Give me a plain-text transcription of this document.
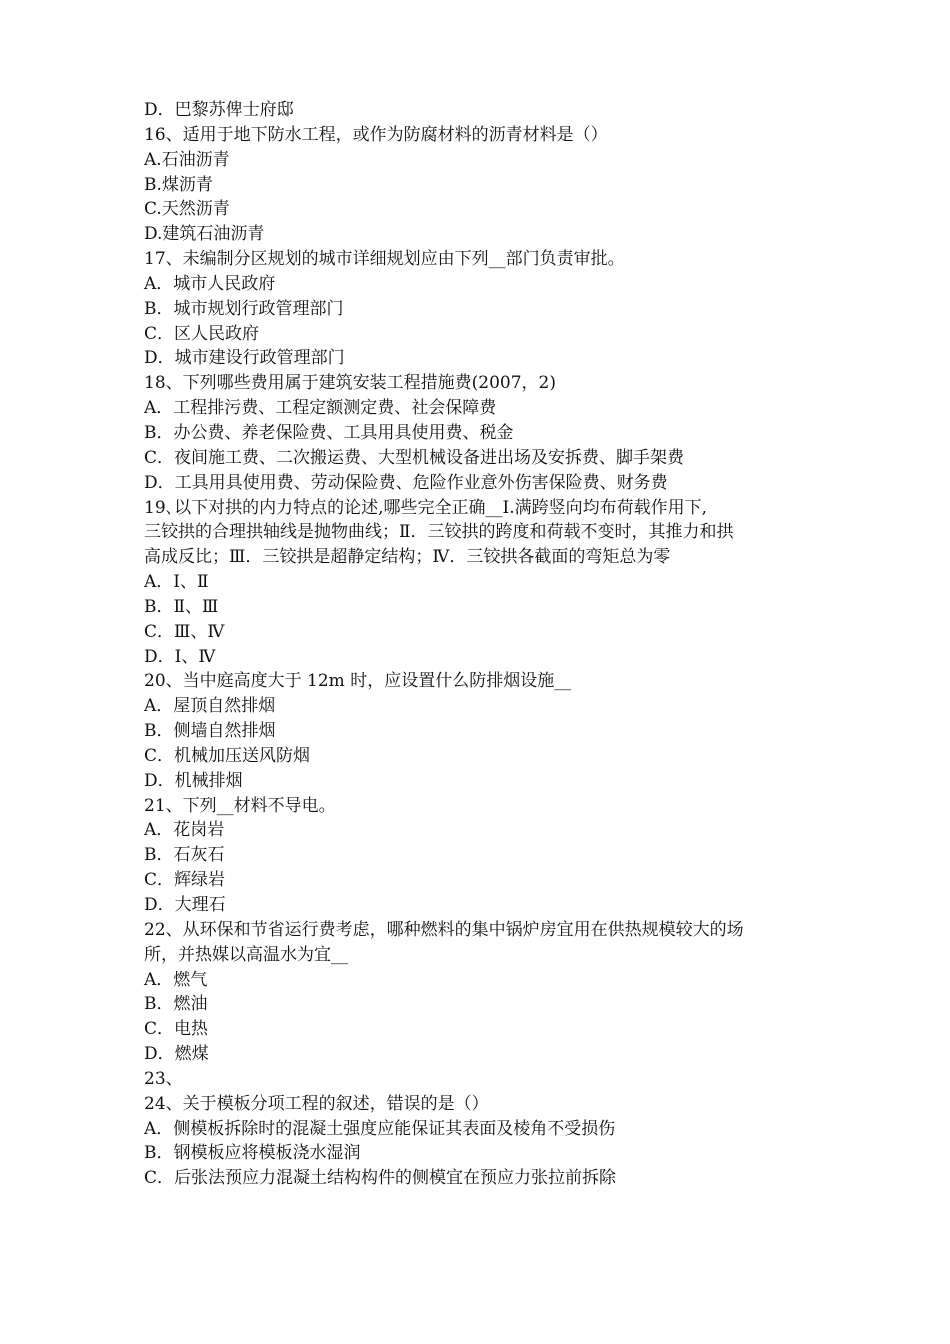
D．巴黎苏俾士府邸
16、适用于地下防水工程，或作为防腐材料的沥青材料是（）
A.石油沥青
B.煤沥青
C.天然沥青
D.建筑石油沥青
17、未编制分区规划的城市详细规划应由下列__部门负责审批。
A．城市人民政府
B．城市规划行政管理部门
C．区人民政府
D．城市建设行政管理部门
18、下列哪些费用属于建筑安装工程措施费(2007，2)
A．工程排污费、工程定额测定费、社会保障费
B．办公费、养老保险费、工具用具使用费、税金
C．夜间施工费、二次搬运费、大型机械设备进出场及安拆费、脚手架费
D．工具用具使用费、劳动保险费、危险作业意外伤害保险费、财务费
19､以下对拱的内力特点的论述,哪些完全正确__Ⅰ.满跨竖向均布荷载作用下,
三铰拱的合理拱轴线是抛物曲线；Ⅱ．三铰拱的跨度和荷载不变时，其推力和拱
高成反比；Ⅲ．三铰拱是超静定结构；Ⅳ．三铰拱各截面的弯矩总为零
A．Ⅰ、Ⅱ
B．Ⅱ、Ⅲ
C．Ⅲ、Ⅳ
D．Ⅰ、Ⅳ
20、当中庭高度大于 12m 时，应设置什么防排烟设施__
A．屋顶自然排烟
B．侧墙自然排烟
C．机械加压送风防烟
D．机械排烟
21、下列__材料不导电。
A．花岗岩
B．石灰石
C．辉绿岩
D．大理石
22、从环保和节省运行费考虑，哪种燃料的集中锅炉房宜用在供热规模较大的场
所，并热媒以高温水为宜__
A．燃气
B．燃油
C．电热
D．燃煤
23、
24、关于模板分项工程的叙述，错误的是（）
A．侧模板拆除时的混凝土强度应能保证其表面及棱角不受损伤
B．钢模板应将模板浇水湿润
C．后张法预应力混凝土结构构件的侧模宜在预应力张拉前拆除
